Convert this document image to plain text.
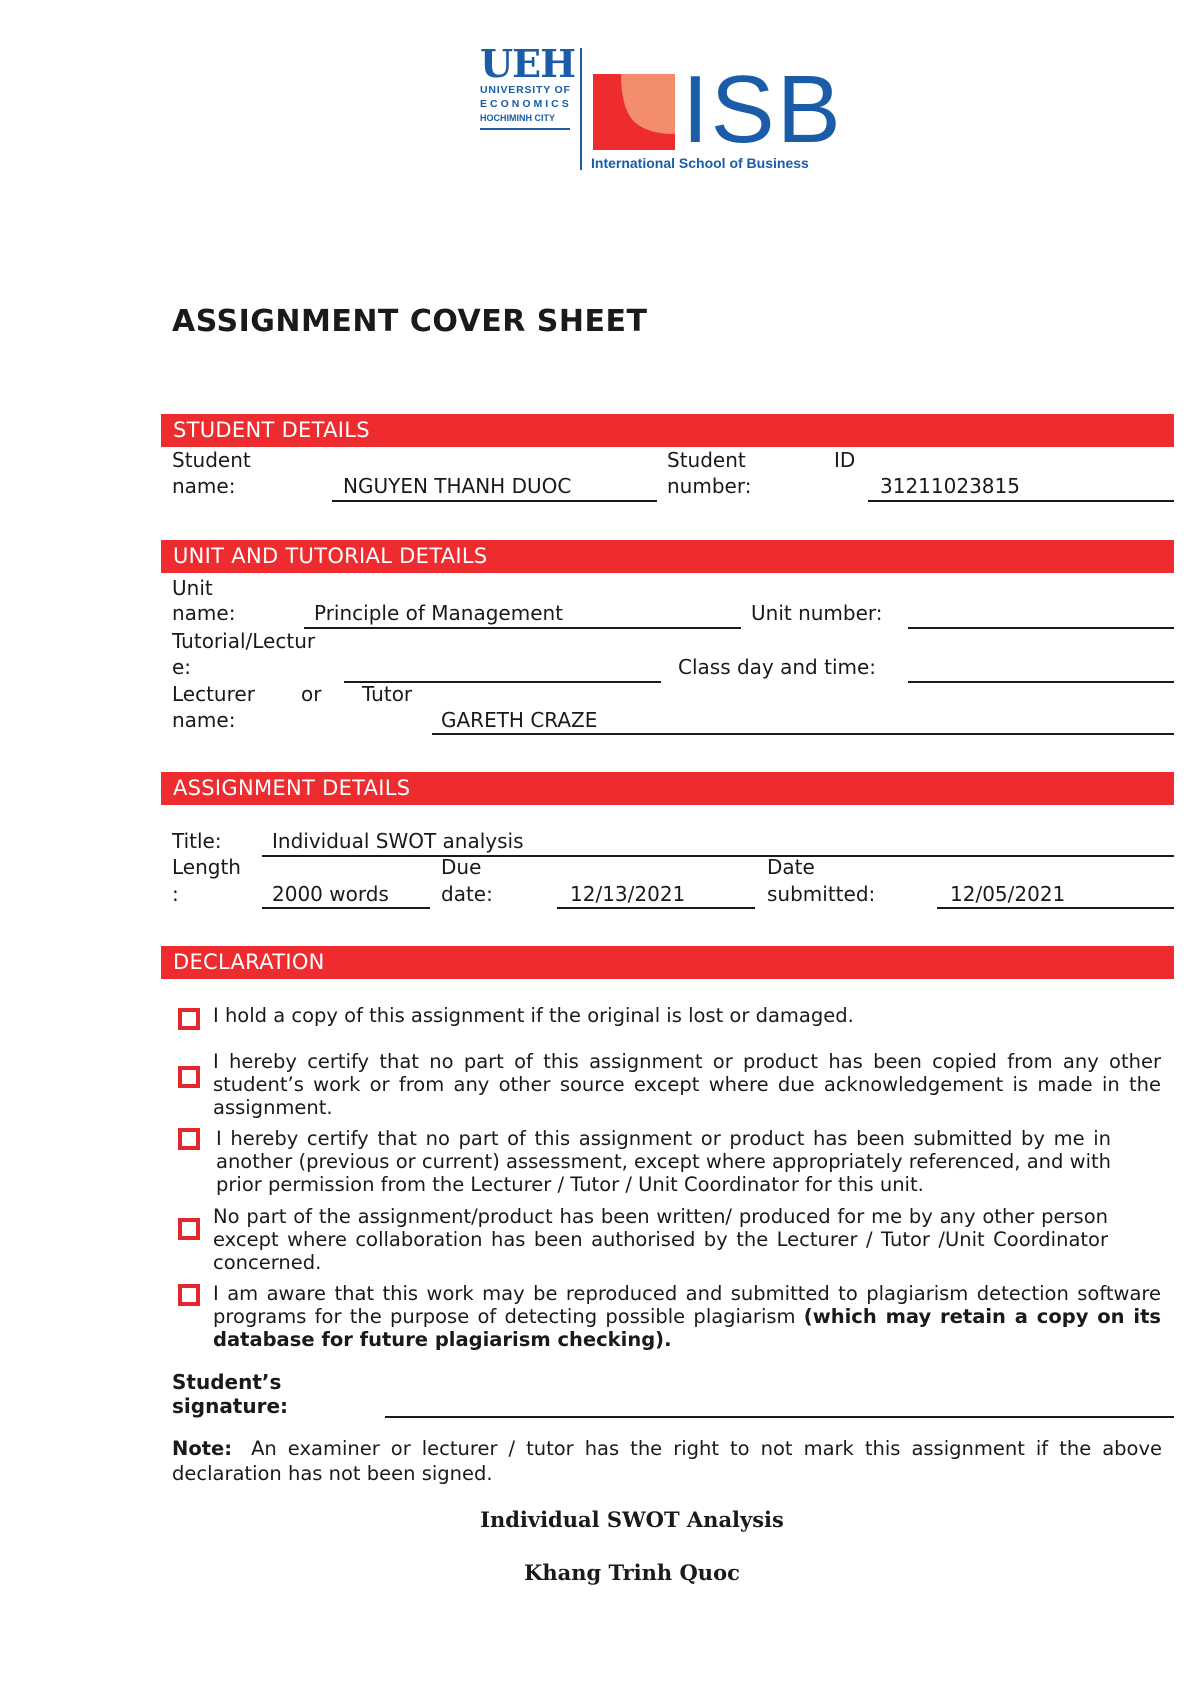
UEH
UNIVERSITY OF
ECONOMICS
HOCHIMINH CITY ISB
International School of Business
ASSIGNMENT COVER SHEET
STUDENT DETAILS
Student
name:	NGUYEN THANH DUOC
Student	ID
number:	31211023815
UNIT AND TUTORIAL DETAILS
Unit
name:	Principle of Management	Unit number:
Tutorial/Lectur
e:	Class day and time:
Lecturer or Tutor
name:	GARETH CRAZE
ASSIGNMENT DETAILS
Title:	Individual SWOT analysis
Length
:	2000 words
Due
date:	12/13/2021
Date
submitted:	12/05/2021
DECLARATION
I hold a copy of this assignment if the original is lost or damaged.
I hereby certify that no part of this assignment or product has been copied from any other student’s work or from any other source except where due acknowledgement is made in the assignment.
I hereby certify that no part of this assignment or product has been submitted by me in another (previous or current) assessment, except where appropriately referenced, and with prior permission from the Lecturer / Tutor / Unit Coordinator for this unit.
No part of the assignment/product has been written/ produced for me by any other person except where collaboration has been authorised by the Lecturer / Tutor /Unit Coordinator concerned.
I am aware that this work may be reproduced and submitted to plagiarism detection software programs for the purpose of detecting possible plagiarism (which may retain a copy on its database for future plagiarism checking).
Student’s
signature:
Note: An examiner or lecturer / tutor has the right to not mark this assignment if the above declaration has not been signed.
Individual SWOT Analysis
Khang Trinh Quoc
